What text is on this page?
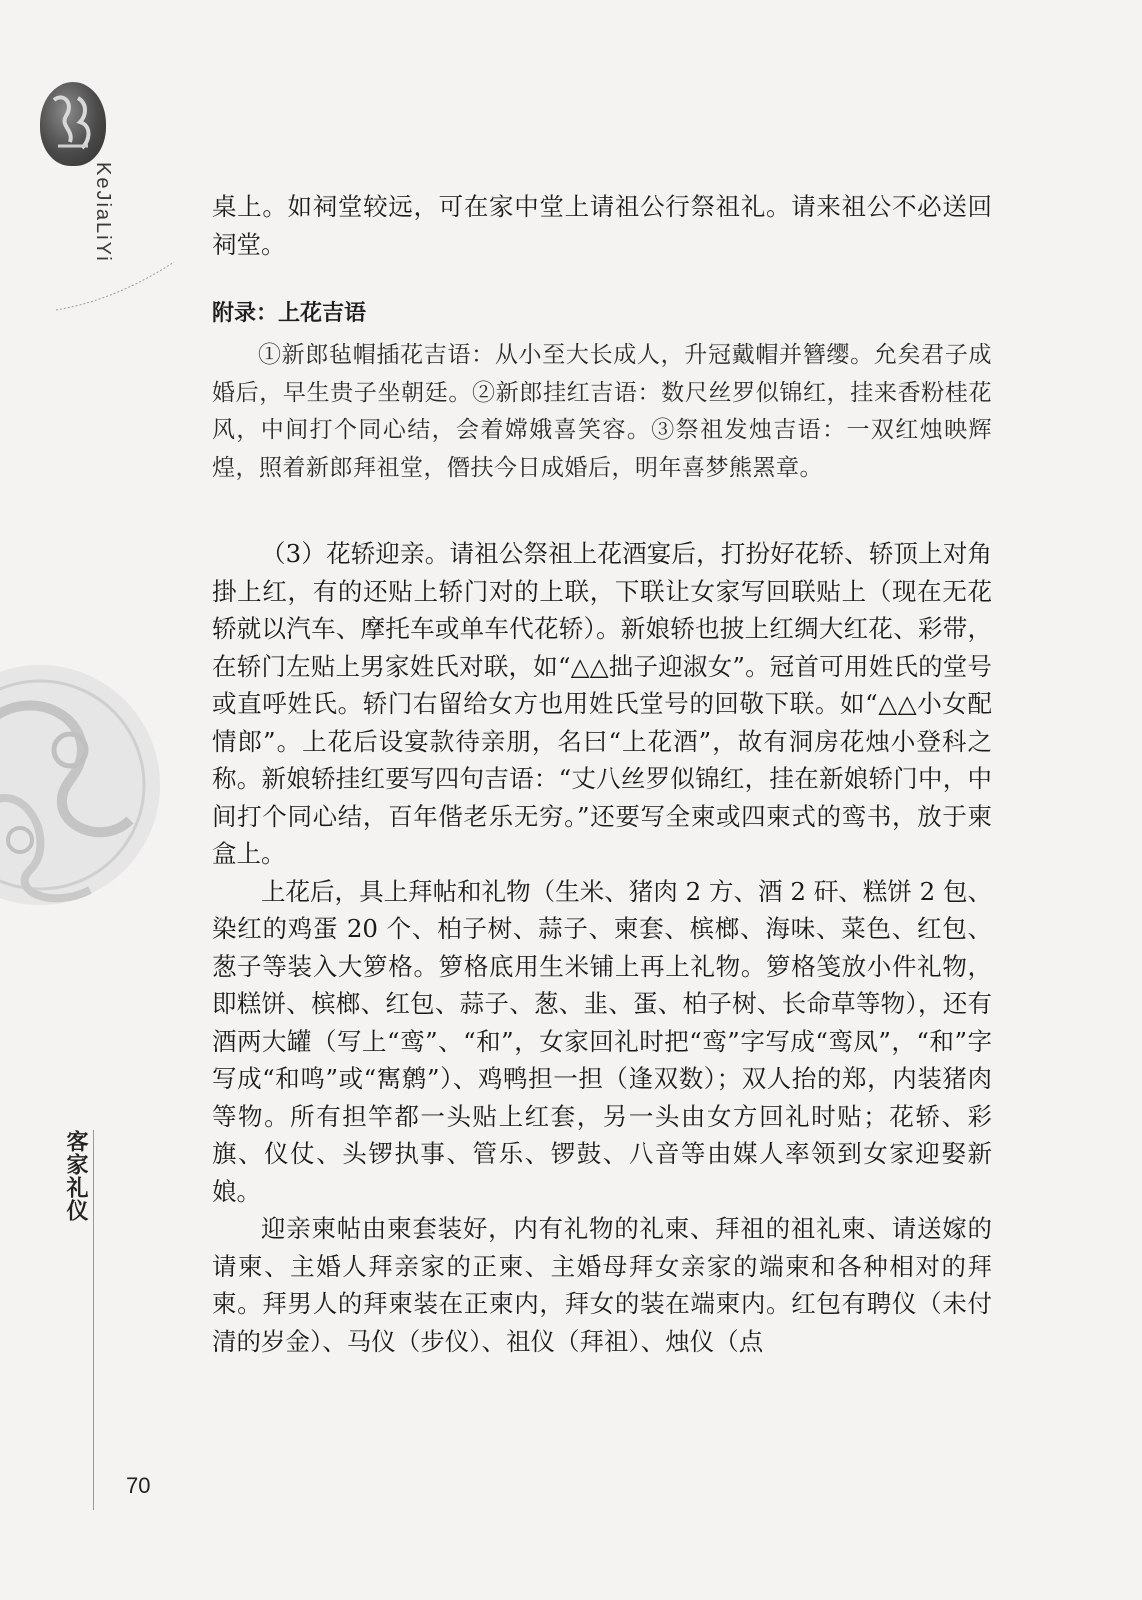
KeJiaLiYi
客家礼仪
70

桌上。如祠堂较远，可在家中堂上请祖公行祭祖礼。请来祖公不必送回祠堂。

附录：上花吉语

①新郎毡帽插花吉语：从小至大长成人，升冠戴帽并簪缨。允矣君子成婚后，早生贵子坐朝廷。②新郎挂红吉语：数尺丝罗似锦红，挂来香粉桂花风，中间打个同心结，会着嫦娥喜笑容。③祭祖发烛吉语：一双红烛映辉煌，照着新郎拜祖堂，僭扶今日成婚后，明年喜梦熊罴章。

（3）花轿迎亲。请祖公祭祖上花酒宴后，打扮好花轿、轿顶上对角掛上红，有的还贴上轿门对的上联，下联让女家写回联贴上（现在无花轿就以汽车、摩托车或单车代花轿）。新娘轿也披上红绸大红花、彩带，在轿门左贴上男家姓氏对联，如“△△拙子迎淑女”。冠首可用姓氏的堂号或直呼姓氏。轿门右留给女方也用姓氏堂号的回敬下联。如“△△小女配情郎”。上花后设宴款待亲朋，名曰“上花酒”，故有洞房花烛小登科之称。新娘轿挂红要写四句吉语：“丈八丝罗似锦红，挂在新娘轿门中，中间打个同心结，百年偕老乐无穷。”还要写全柬或四柬式的鸾书，放于柬盒上。

上花后，具上拜帖和礼物（生米、猪肉 2 方、酒 2 矸、糕饼 2 包、染红的鸡蛋 20 个、柏子树、蒜子、柬套、槟榔、海味、菜色、红包、葱子等装入大箩格。箩格底用生米铺上再上礼物。箩格笺放小件礼物，即糕饼、槟榔、红包、蒜子、葱、韭、蛋、柏子树、长命草等物），还有酒两大罐（写上“鸾”、“和”，女家回礼时把“鸾”字写成“鸾凤”，“和”字写成“和鸣”或“寯鹩”）、鸡鸭担一担（逢双数）；双人抬的郑，内装猪肉等物。所有担竿都一头贴上红套，另一头由女方回礼时贴；花轿、彩旗、仪仗、头锣执事、管乐、锣鼓、八音等由媒人率领到女家迎娶新娘。

迎亲柬帖由柬套装好，内有礼物的礼柬、拜祖的祖礼柬、请送嫁的请柬、主婚人拜亲家的正柬、主婚母拜女亲家的端柬和各种相对的拜柬。拜男人的拜柬装在正柬内，拜女的装在端柬内。红包有聘仪（未付清的岁金）、马仪（步仪）、祖仪（拜祖）、烛仪（点
